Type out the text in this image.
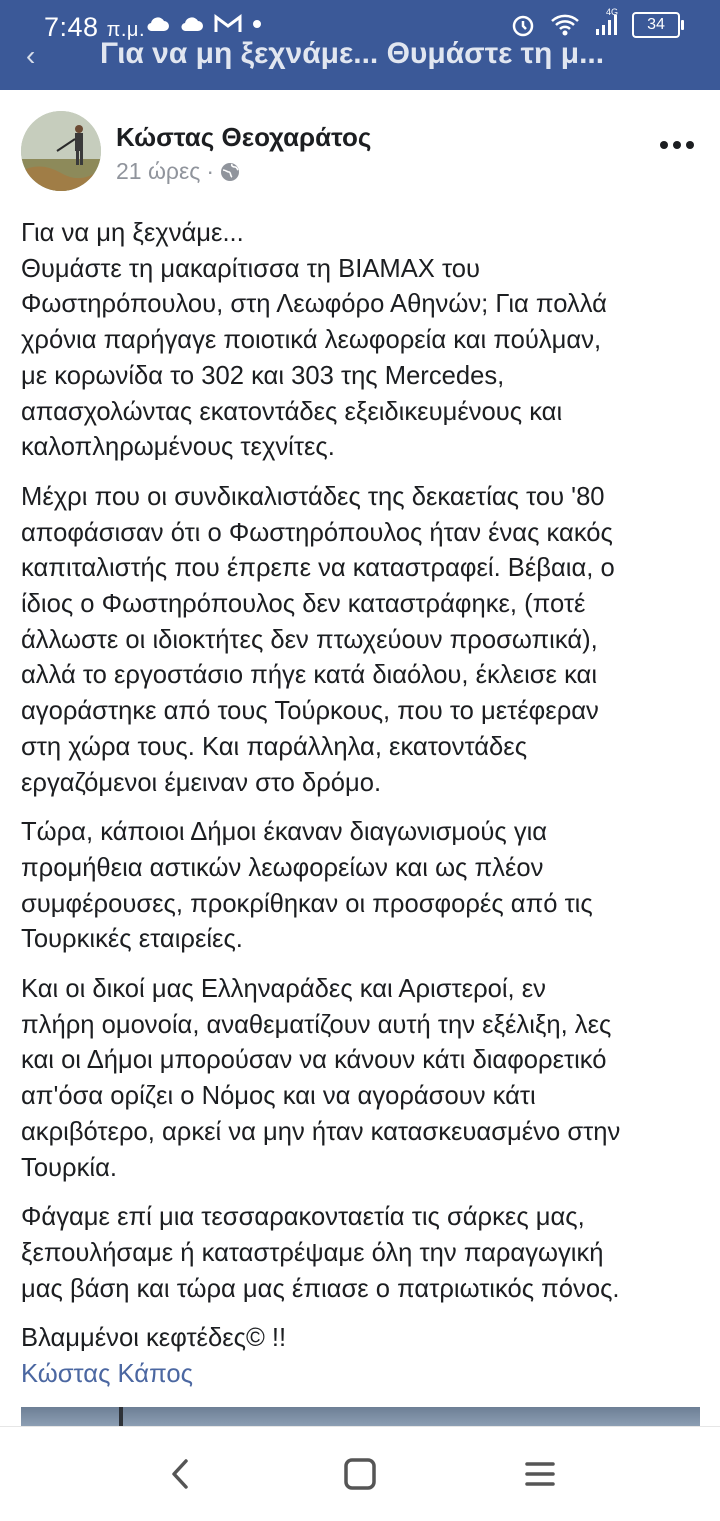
‹ Για να μη ξεχνάμε... Θυμάστε τη μ...
7:48 π.μ.
4G
34
Κώστας Θεοχαράτος
21 ώρες ·

Για να μη ξεχνάμε...
Θυμάστε τη μακαρίτισσα τη ΒΙΑΜΑΧ του
Φωστηρόπουλου, στη Λεωφόρο Αθηνών; Για πολλά
χρόνια παρήγαγε ποιοτικά λεωφορεία και πούλμαν,
με κορωνίδα το 302 και 303 της Mercedes,
απασχολώντας εκατοντάδες εξειδικευμένους και
καλοπληρωμένους τεχνίτες.

Μέχρι που οι συνδικαλιστάδες της δεκαετίας του '80
αποφάσισαν ότι ο Φωστηρόπουλος ήταν ένας κακός
καπιταλιστής που έπρεπε να καταστραφεί. Βέβαια, ο
ίδιος ο Φωστηρόπουλος δεν καταστράφηκε, (ποτέ
άλλωστε οι ιδιοκτήτες δεν πτωχεύουν προσωπικά),
αλλά το εργοστάσιο πήγε κατά διαόλου, έκλεισε και
αγοράστηκε από τους Τούρκους, που το μετέφεραν
στη χώρα τους. Και παράλληλα, εκατοντάδες
εργαζόμενοι έμειναν στο δρόμο.

Τώρα, κάποιοι Δήμοι έκαναν διαγωνισμούς για
προμήθεια αστικών λεωφορείων και ως πλέον
συμφέρουσες, προκρίθηκαν οι προσφορές από τις
Τουρκικές εταιρείες.

Και οι δικοί μας Ελληναράδες και Αριστεροί, εν
πλήρη ομονοία, αναθεματίζουν αυτή την εξέλιξη, λες
και οι Δήμοι μπορούσαν να κάνουν κάτι διαφορετικό
απ'όσα ορίζει ο Νόμος και να αγοράσουν κάτι
ακριβότερο, αρκεί να μην ήταν κατασκευασμένο στην
Τουρκία.

Φάγαμε επί μια τεσσαρακονταετία τις σάρκες μας,
ξεπουλήσαμε ή καταστρέψαμε όλη την παραγωγική
μας βάση και τώρα μας έπιασε ο πατριωτικός πόνος.

Βλαμμένοι κεφτέδες© !!
Κώστας Κάπος
